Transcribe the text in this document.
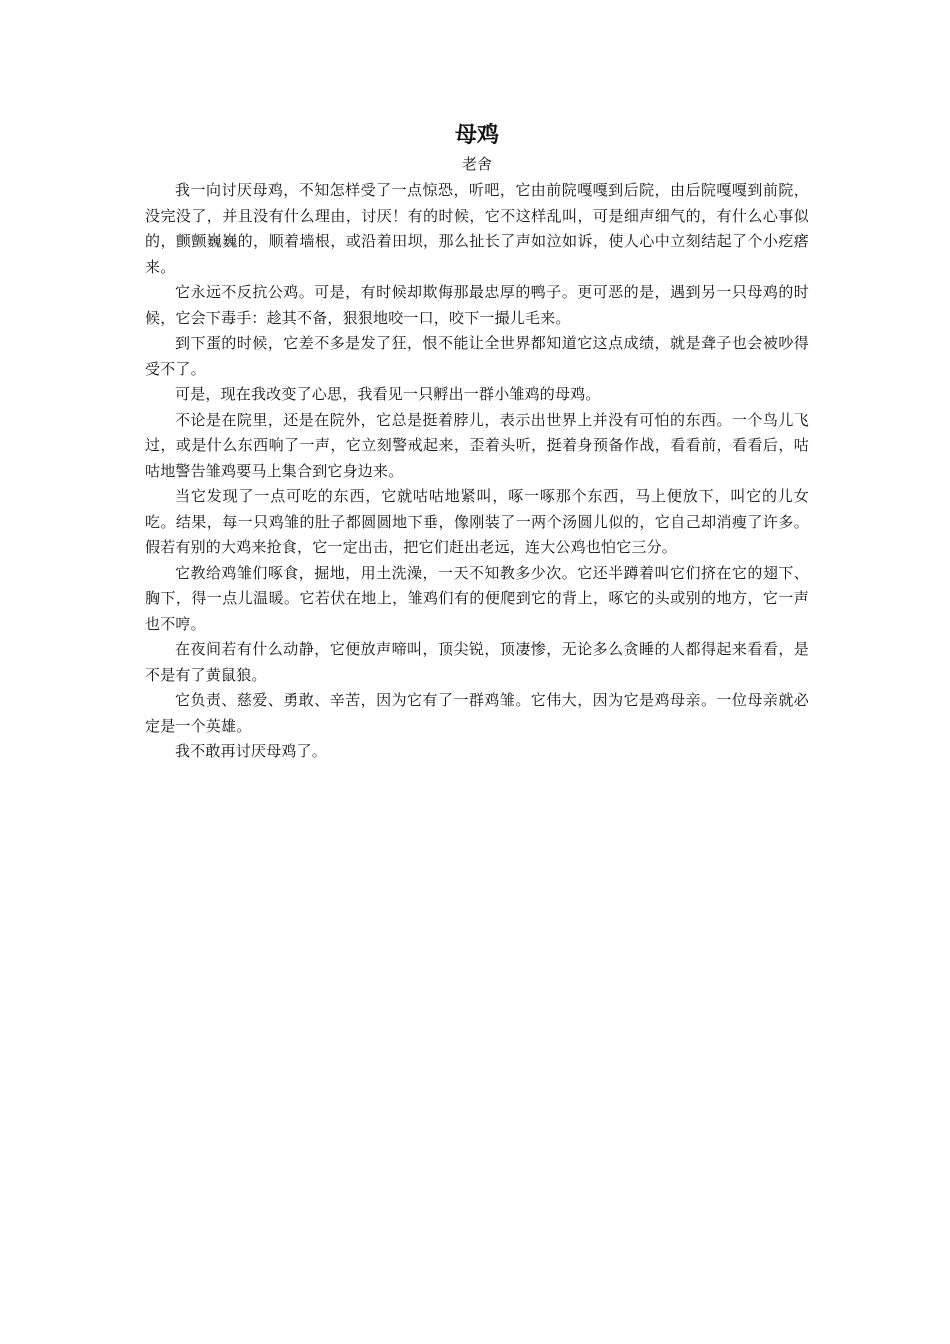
母鸡
老舍

我一向讨厌母鸡，不知怎样受了一点惊恐，听吧，它由前院嘎嘎到后院，由后院嘎嘎到前院，没完没了，并且没有什么理由，讨厌！有的时候，它不这样乱叫，可是细声细气的，有什么心事似的，颤颤巍巍的，顺着墙根，或沿着田坝，那么扯长了声如泣如诉，使人心中立刻结起了个小疙瘩来。

它永远不反抗公鸡。可是，有时候却欺侮那最忠厚的鸭子。更可恶的是，遇到另一只母鸡的时候，它会下毒手：趁其不备，狠狠地咬一口，咬下一撮儿毛来。

到下蛋的时候，它差不多是发了狂，恨不能让全世界都知道它这点成绩，就是聋子也会被吵得受不了。

可是，现在我改变了心思，我看见一只孵出一群小雏鸡的母鸡。

不论是在院里，还是在院外，它总是挺着脖儿，表示出世界上并没有可怕的东西。一个鸟儿飞过，或是什么东西响了一声，它立刻警戒起来，歪着头听，挺着身预备作战，看看前，看看后，咕咕地警告雏鸡要马上集合到它身边来。

当它发现了一点可吃的东西，它就咕咕地紧叫，啄一啄那个东西，马上便放下，叫它的儿女吃。结果，每一只鸡雏的肚子都圆圆地下垂，像刚装了一两个汤圆儿似的，它自己却消瘦了许多。假若有别的大鸡来抢食，它一定出击，把它们赶出老远，连大公鸡也怕它三分。

它教给鸡雏们啄食，掘地，用土洗澡，一天不知教多少次。它还半蹲着叫它们挤在它的翅下、胸下，得一点儿温暖。它若伏在地上，雏鸡们有的便爬到它的背上，啄它的头或别的地方，它一声也不哼。

在夜间若有什么动静，它便放声啼叫，顶尖锐，顶凄惨，无论多么贪睡的人都得起来看看，是不是有了黄鼠狼。

它负责、慈爱、勇敢、辛苦，因为它有了一群鸡雏。它伟大，因为它是鸡母亲。一位母亲就必定是一个英雄。

我不敢再讨厌母鸡了。
